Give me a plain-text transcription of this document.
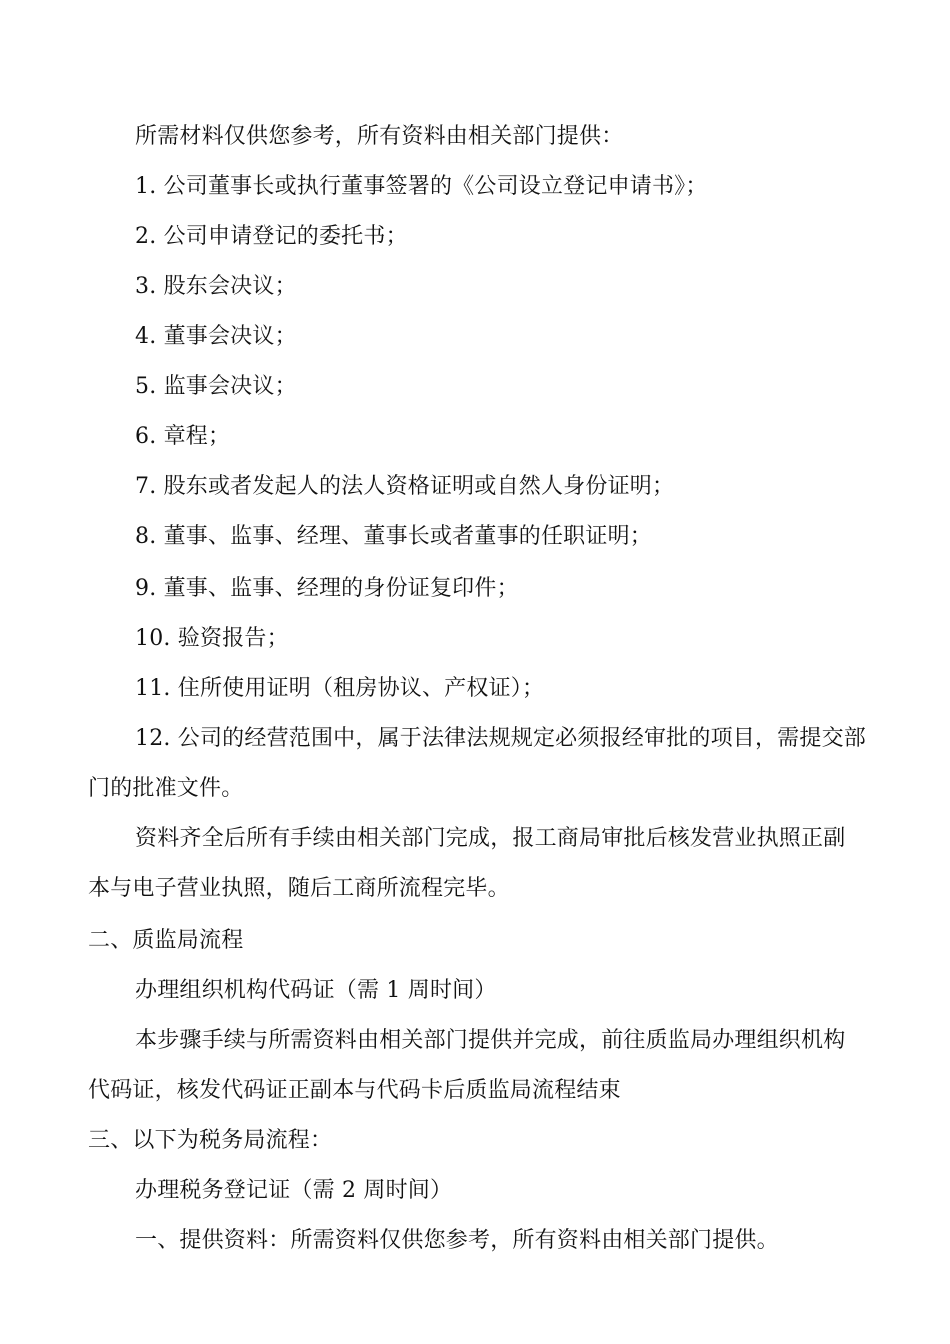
所需材料仅供您参考，所有资料由相关部门提供：
1. 公司董事长或执行董事签署的《公司设立登记申请书》；
2. 公司申请登记的委托书；
3. 股东会决议；
4. 董事会决议；
5. 监事会决议；
6. 章程；
7. 股东或者发起人的法人资格证明或自然人身份证明；
8. 董事、监事、经理、董事长或者董事的任职证明；
9. 董事、监事、经理的身份证复印件；
10. 验资报告；
11. 住所使用证明（租房协议、产权证）；
12. 公司的经营范围中，属于法律法规规定必须报经审批的项目，需提交部
门的批准文件。
资料齐全后所有手续由相关部门完成，报工商局审批后核发营业执照正副
本与电子营业执照，随后工商所流程完毕。
二、质监局流程
办理组织机构代码证（需 1 周时间）
本步骤手续与所需资料由相关部门提供并完成，前往质监局办理组织机构
代码证，核发代码证正副本与代码卡后质监局流程结束
三、以下为税务局流程：
办理税务登记证（需 2 周时间）
一、提供资料：所需资料仅供您参考，所有资料由相关部门提供。
